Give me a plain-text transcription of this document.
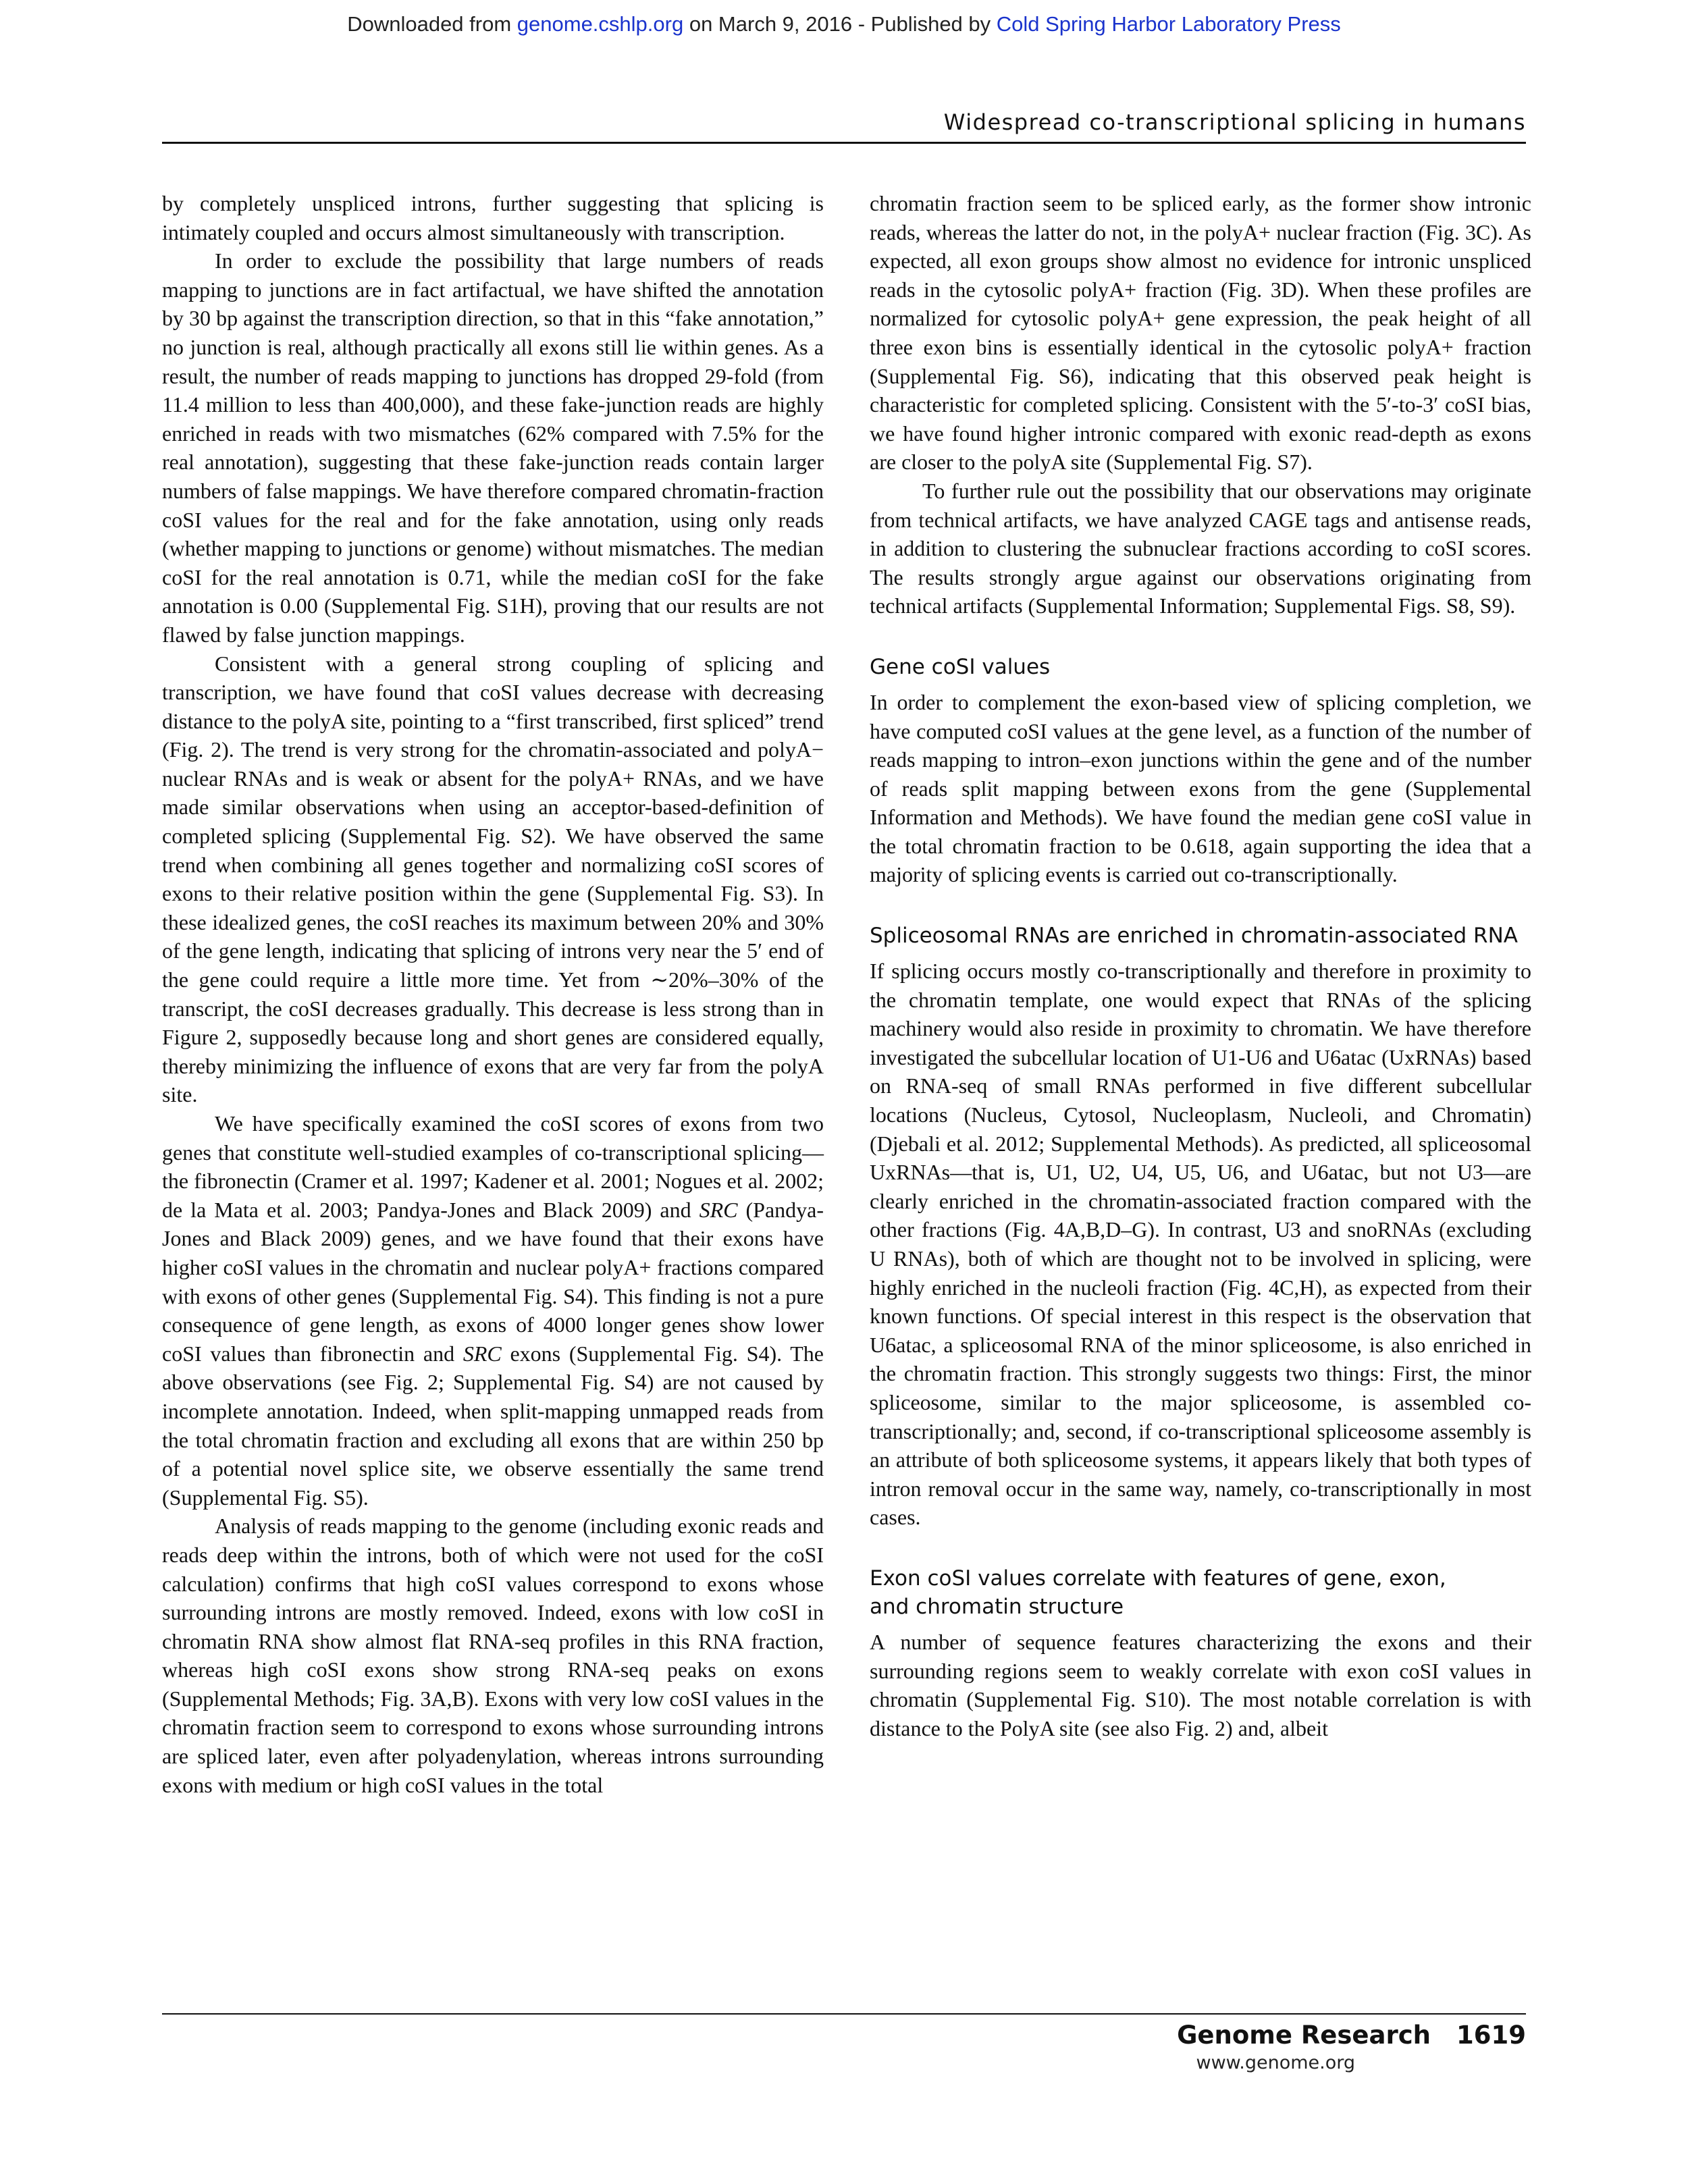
Downloaded from genome.cshlp.org on March 9, 2016 - Published by Cold Spring Harbor Laboratory Press
Widespread co-transcriptional splicing in humans

by completely unspliced introns, further suggesting that splicing is intimately coupled and occurs almost simultaneously with transcription.

In order to exclude the possibility that large numbers of reads mapping to junctions are in fact artifactual, we have shifted the annotation by 30 bp against the transcription direction, so that in this “fake annotation,” no junction is real, although practically all exons still lie within genes. As a result, the number of reads mapping to junctions has dropped 29-fold (from 11.4 million to less than 400,000), and these fake-junction reads are highly enriched in reads with two mismatches (62% compared with 7.5% for the real annotation), suggesting that these fake-junction reads contain larger numbers of false mappings. We have therefore compared chromatin-fraction coSI values for the real and for the fake annotation, using only reads (whether mapping to junctions or genome) without mismatches. The median coSI for the real annotation is 0.71, while the median coSI for the fake annotation is 0.00 (Supplemental Fig. S1H), proving that our results are not flawed by false junction mappings.

Consistent with a general strong coupling of splicing and transcription, we have found that coSI values decrease with decreasing distance to the polyA site, pointing to a “first transcribed, first spliced” trend (Fig. 2). The trend is very strong for the chromatin-associated and polyA− nuclear RNAs and is weak or absent for the polyA+ RNAs, and we have made similar observations when using an acceptor-based-definition of completed splicing (Supplemental Fig. S2). We have observed the same trend when combining all genes together and normalizing coSI scores of exons to their relative position within the gene (Supplemental Fig. S3). In these idealized genes, the coSI reaches its maximum between 20% and 30% of the gene length, indicating that splicing of introns very near the 5′ end of the gene could require a little more time. Yet from ∼20%–30% of the transcript, the coSI decreases gradually. This decrease is less strong than in Figure 2, supposedly because long and short genes are considered equally, thereby minimizing the influence of exons that are very far from the polyA site.

We have specifically examined the coSI scores of exons from two genes that constitute well-studied examples of co-transcriptional splicing—the fibronectin (Cramer et al. 1997; Kadener et al. 2001; Nogues et al. 2002; de la Mata et al. 2003; Pandya-Jones and Black 2009) and SRC (Pandya-Jones and Black 2009) genes, and we have found that their exons have higher coSI values in the chromatin and nuclear polyA+ fractions compared with exons of other genes (Supplemental Fig. S4). This finding is not a pure consequence of gene length, as exons of 4000 longer genes show lower coSI values than fibronectin and SRC exons (Supplemental Fig. S4). The above observations (see Fig. 2; Supplemental Fig. S4) are not caused by incomplete annotation. Indeed, when split-mapping unmapped reads from the total chromatin fraction and excluding all exons that are within 250 bp of a potential novel splice site, we observe essentially the same trend (Supplemental Fig. S5).

Analysis of reads mapping to the genome (including exonic reads and reads deep within the introns, both of which were not used for the coSI calculation) confirms that high coSI values correspond to exons whose surrounding introns are mostly removed. Indeed, exons with low coSI in chromatin RNA show almost flat RNA-seq profiles in this RNA fraction, whereas high coSI exons show strong RNA-seq peaks on exons (Supplemental Methods; Fig. 3A,B). Exons with very low coSI values in the chromatin fraction seem to correspond to exons whose surrounding introns are spliced later, even after polyadenylation, whereas introns surrounding exons with medium or high coSI values in the total

chromatin fraction seem to be spliced early, as the former show intronic reads, whereas the latter do not, in the polyA+ nuclear fraction (Fig. 3C). As expected, all exon groups show almost no evidence for intronic unspliced reads in the cytosolic polyA+ fraction (Fig. 3D). When these profiles are normalized for cytosolic polyA+ gene expression, the peak height of all three exon bins is essentially identical in the cytosolic polyA+ fraction (Supplemental Fig. S6), indicating that this observed peak height is characteristic for completed splicing. Consistent with the 5′-to-3′ coSI bias, we have found higher intronic compared with exonic read-depth as exons are closer to the polyA site (Supplemental Fig. S7).

To further rule out the possibility that our observations may originate from technical artifacts, we have analyzed CAGE tags and antisense reads, in addition to clustering the subnuclear fractions according to coSI scores. The results strongly argue against our observations originating from technical artifacts (Supplemental Information; Supplemental Figs. S8, S9).

Gene coSI values

In order to complement the exon-based view of splicing completion, we have computed coSI values at the gene level, as a function of the number of reads mapping to intron–exon junctions within the gene and of the number of reads split mapping between exons from the gene (Supplemental Information and Methods). We have found the median gene coSI value in the total chromatin fraction to be 0.618, again supporting the idea that a majority of splicing events is carried out co-transcriptionally.

Spliceosomal RNAs are enriched in chromatin-associated RNA

If splicing occurs mostly co-transcriptionally and therefore in proximity to the chromatin template, one would expect that RNAs of the splicing machinery would also reside in proximity to chromatin. We have therefore investigated the subcellular location of U1-U6 and U6atac (UxRNAs) based on RNA-seq of small RNAs performed in five different subcellular locations (Nucleus, Cytosol, Nucleoplasm, Nucleoli, and Chromatin) (Djebali et al. 2012; Supplemental Methods). As predicted, all spliceosomal UxRNAs—that is, U1, U2, U4, U5, U6, and U6atac, but not U3—are clearly enriched in the chromatin-associated fraction compared with the other fractions (Fig. 4A,B,D–G). In contrast, U3 and snoRNAs (excluding U RNAs), both of which are thought not to be involved in splicing, were highly enriched in the nucleoli fraction (Fig. 4C,H), as expected from their known functions. Of special interest in this respect is the observation that U6atac, a spliceosomal RNA of the minor spliceosome, is also enriched in the chromatin fraction. This strongly suggests two things: First, the minor spliceosome, similar to the major spliceosome, is assembled co-transcriptionally; and, second, if co-transcriptional spliceosome assembly is an attribute of both spliceosome systems, it appears likely that both types of intron removal occur in the same way, namely, co-transcriptionally in most cases.

Exon coSI values correlate with features of gene, exon,
and chromatin structure

A number of sequence features characterizing the exons and their surrounding regions seem to weakly correlate with exon coSI values in chromatin (Supplemental Fig. S10). The most notable correlation is with distance to the PolyA site (see also Fig. 2) and, albeit

Genome Research 1619
www.genome.org
